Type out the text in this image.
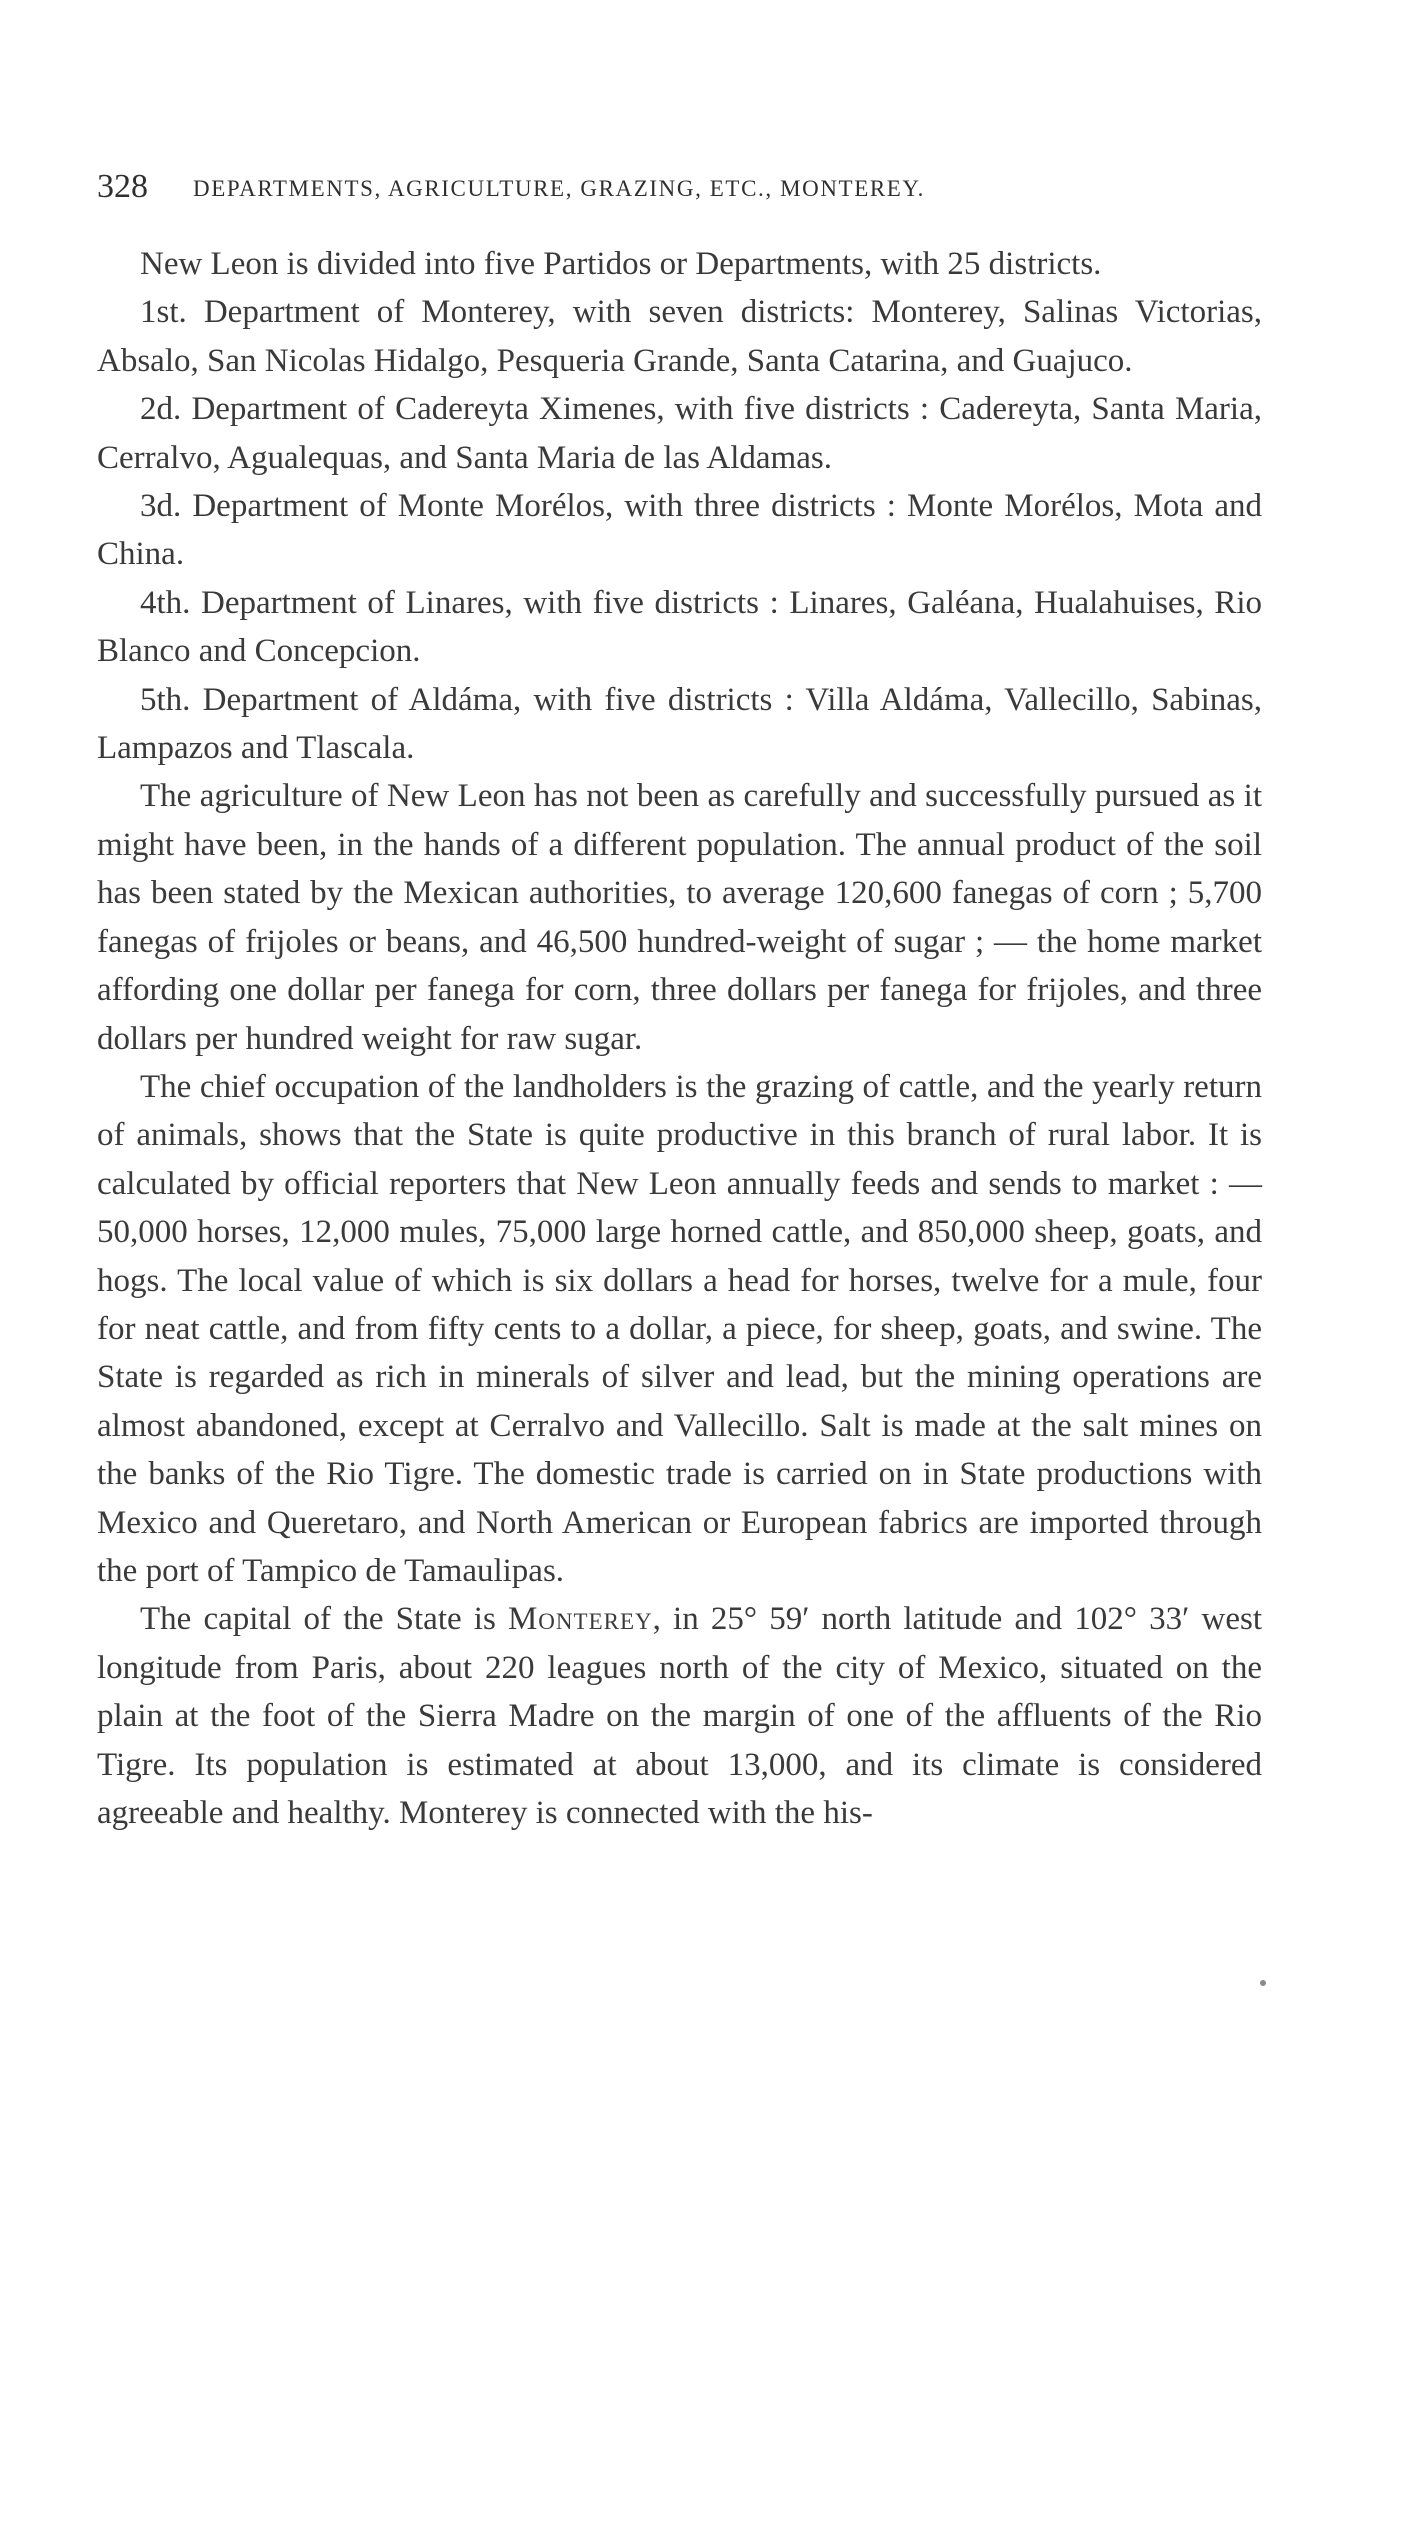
328 DEPARTMENTS, AGRICULTURE, GRAZING, ETC., MONTEREY.

New Leon is divided into five Partidos or Departments, with 25 districts.

1st. Department of Monterey, with seven districts: Monterey, Salinas Victorias, Absalo, San Nicolas Hidalgo, Pesqueria Grande, Santa Catarina, and Guajuco.

2d. Department of Cadereyta Ximenes, with five districts : Cadereyta, Santa Maria, Cerralvo, Agualequas, and Santa Maria de las Aldamas.

3d. Department of Monte Morélos, with three districts : Monte Morélos, Mota and China.

4th. Department of Linares, with five districts : Linares, Galéana, Hualahuises, Rio Blanco and Concepcion.

5th. Department of Aldáma, with five districts : Villa Aldáma, Vallecillo, Sabinas, Lampazos and Tlascala.

The agriculture of New Leon has not been as carefully and successfully pursued as it might have been, in the hands of a different population. The annual product of the soil has been stated by the Mexican authorities, to average 120,600 fanegas of corn ; 5,700 fanegas of frijoles or beans, and 46,500 hundred-weight of sugar ; — the home market affording one dollar per fanega for corn, three dollars per fanega for frijoles, and three dollars per hundred weight for raw sugar.

The chief occupation of the landholders is the grazing of cattle, and the yearly return of animals, shows that the State is quite productive in this branch of rural labor. It is calculated by official reporters that New Leon annually feeds and sends to market : — 50,000 horses, 12,000 mules, 75,000 large horned cattle, and 850,000 sheep, goats, and hogs. The local value of which is six dollars a head for horses, twelve for a mule, four for neat cattle, and from fifty cents to a dollar, a piece, for sheep, goats, and swine. The State is regarded as rich in minerals of silver and lead, but the mining operations are almost abandoned, except at Cerralvo and Vallecillo. Salt is made at the salt mines on the banks of the Rio Tigre. The domestic trade is carried on in State productions with Mexico and Queretaro, and North American or European fabrics are imported through the port of Tampico de Tamaulipas.

The capital of the State is Monterey, in 25° 59′ north latitude and 102° 33′ west longitude from Paris, about 220 leagues north of the city of Mexico, situated on the plain at the foot of the Sierra Madre on the margin of one of the affluents of the Rio Tigre. Its population is estimated at about 13,000, and its climate is considered agreeable and healthy. Monterey is connected with the his-
